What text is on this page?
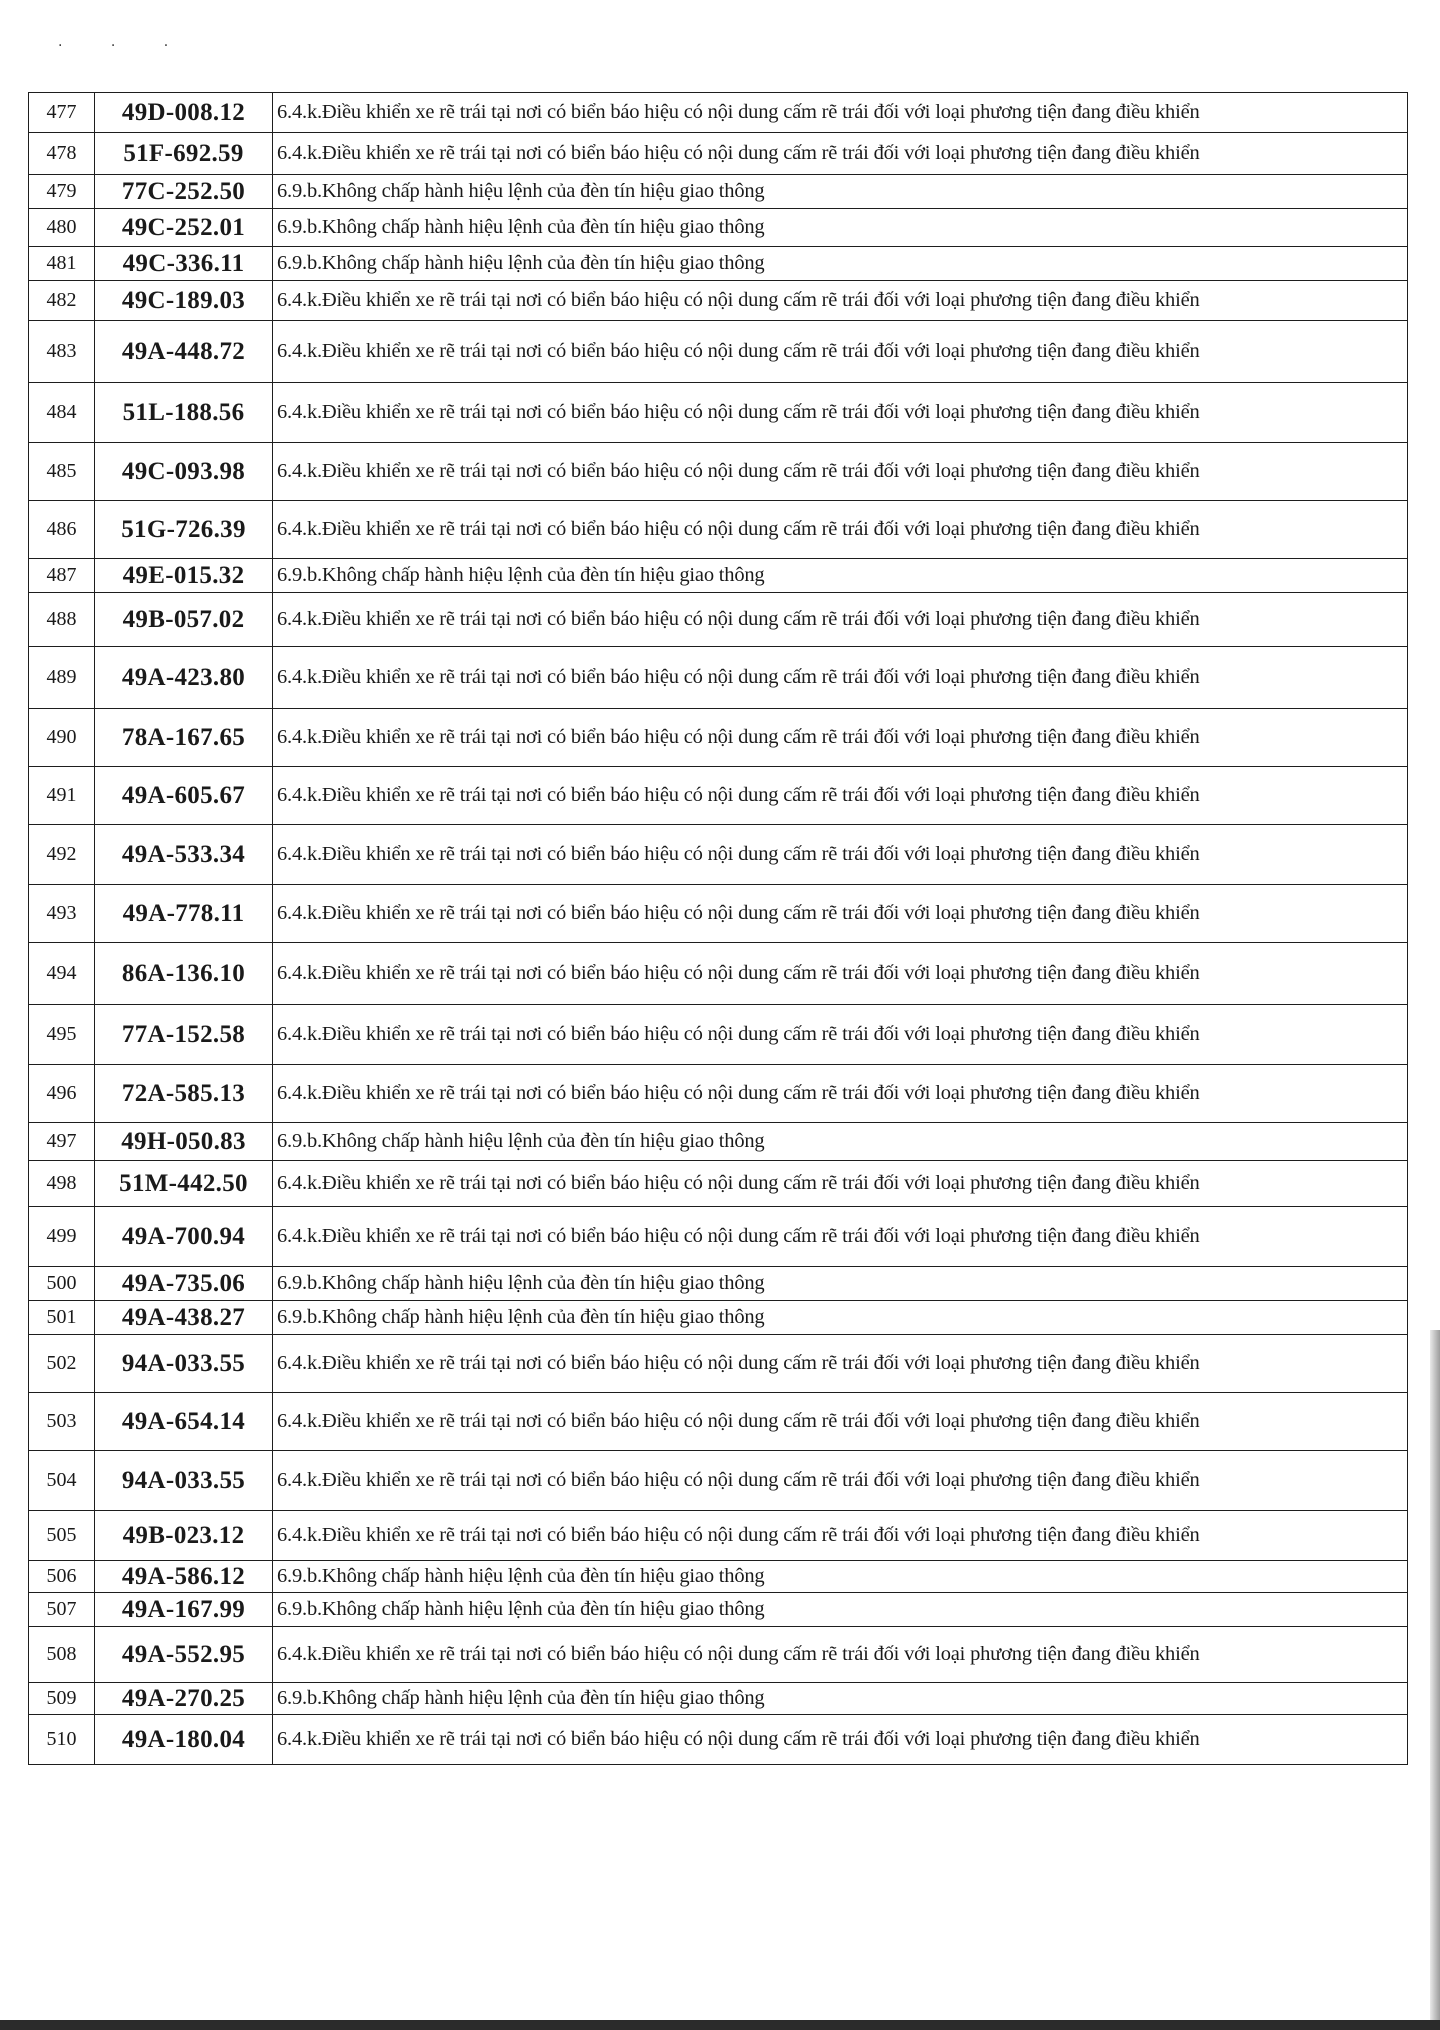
. . .
477	49D-008.12	6.4.k.Điều khiển xe rẽ trái tại nơi có biển báo hiệu có nội dung cấm rẽ trái đối với loại phương tiện đang điều khiển
478	51F-692.59	6.4.k.Điều khiển xe rẽ trái tại nơi có biển báo hiệu có nội dung cấm rẽ trái đối với loại phương tiện đang điều khiển
479	77C-252.50	6.9.b.Không chấp hành hiệu lệnh của đèn tín hiệu giao thông
480	49C-252.01	6.9.b.Không chấp hành hiệu lệnh của đèn tín hiệu giao thông
481	49C-336.11	6.9.b.Không chấp hành hiệu lệnh của đèn tín hiệu giao thông
482	49C-189.03	6.4.k.Điều khiển xe rẽ trái tại nơi có biển báo hiệu có nội dung cấm rẽ trái đối với loại phương tiện đang điều khiển
483	49A-448.72	6.4.k.Điều khiển xe rẽ trái tại nơi có biển báo hiệu có nội dung cấm rẽ trái đối với loại phương tiện đang điều khiển
484	51L-188.56	6.4.k.Điều khiển xe rẽ trái tại nơi có biển báo hiệu có nội dung cấm rẽ trái đối với loại phương tiện đang điều khiển
485	49C-093.98	6.4.k.Điều khiển xe rẽ trái tại nơi có biển báo hiệu có nội dung cấm rẽ trái đối với loại phương tiện đang điều khiển
486	51G-726.39	6.4.k.Điều khiển xe rẽ trái tại nơi có biển báo hiệu có nội dung cấm rẽ trái đối với loại phương tiện đang điều khiển
487	49E-015.32	6.9.b.Không chấp hành hiệu lệnh của đèn tín hiệu giao thông
488	49B-057.02	6.4.k.Điều khiển xe rẽ trái tại nơi có biển báo hiệu có nội dung cấm rẽ trái đối với loại phương tiện đang điều khiển
489	49A-423.80	6.4.k.Điều khiển xe rẽ trái tại nơi có biển báo hiệu có nội dung cấm rẽ trái đối với loại phương tiện đang điều khiển
490	78A-167.65	6.4.k.Điều khiển xe rẽ trái tại nơi có biển báo hiệu có nội dung cấm rẽ trái đối với loại phương tiện đang điều khiển
491	49A-605.67	6.4.k.Điều khiển xe rẽ trái tại nơi có biển báo hiệu có nội dung cấm rẽ trái đối với loại phương tiện đang điều khiển
492	49A-533.34	6.4.k.Điều khiển xe rẽ trái tại nơi có biển báo hiệu có nội dung cấm rẽ trái đối với loại phương tiện đang điều khiển
493	49A-778.11	6.4.k.Điều khiển xe rẽ trái tại nơi có biển báo hiệu có nội dung cấm rẽ trái đối với loại phương tiện đang điều khiển
494	86A-136.10	6.4.k.Điều khiển xe rẽ trái tại nơi có biển báo hiệu có nội dung cấm rẽ trái đối với loại phương tiện đang điều khiển
495	77A-152.58	6.4.k.Điều khiển xe rẽ trái tại nơi có biển báo hiệu có nội dung cấm rẽ trái đối với loại phương tiện đang điều khiển
496	72A-585.13	6.4.k.Điều khiển xe rẽ trái tại nơi có biển báo hiệu có nội dung cấm rẽ trái đối với loại phương tiện đang điều khiển
497	49H-050.83	6.9.b.Không chấp hành hiệu lệnh của đèn tín hiệu giao thông
498	51M-442.50	6.4.k.Điều khiển xe rẽ trái tại nơi có biển báo hiệu có nội dung cấm rẽ trái đối với loại phương tiện đang điều khiển
499	49A-700.94	6.4.k.Điều khiển xe rẽ trái tại nơi có biển báo hiệu có nội dung cấm rẽ trái đối với loại phương tiện đang điều khiển
500	49A-735.06	6.9.b.Không chấp hành hiệu lệnh của đèn tín hiệu giao thông
501	49A-438.27	6.9.b.Không chấp hành hiệu lệnh của đèn tín hiệu giao thông
502	94A-033.55	6.4.k.Điều khiển xe rẽ trái tại nơi có biển báo hiệu có nội dung cấm rẽ trái đối với loại phương tiện đang điều khiển
503	49A-654.14	6.4.k.Điều khiển xe rẽ trái tại nơi có biển báo hiệu có nội dung cấm rẽ trái đối với loại phương tiện đang điều khiển
504	94A-033.55	6.4.k.Điều khiển xe rẽ trái tại nơi có biển báo hiệu có nội dung cấm rẽ trái đối với loại phương tiện đang điều khiển
505	49B-023.12	6.4.k.Điều khiển xe rẽ trái tại nơi có biển báo hiệu có nội dung cấm rẽ trái đối với loại phương tiện đang điều khiển
506	49A-586.12	6.9.b.Không chấp hành hiệu lệnh của đèn tín hiệu giao thông
507	49A-167.99	6.9.b.Không chấp hành hiệu lệnh của đèn tín hiệu giao thông
508	49A-552.95	6.4.k.Điều khiển xe rẽ trái tại nơi có biển báo hiệu có nội dung cấm rẽ trái đối với loại phương tiện đang điều khiển
509	49A-270.25	6.9.b.Không chấp hành hiệu lệnh của đèn tín hiệu giao thông
510	49A-180.04	6.4.k.Điều khiển xe rẽ trái tại nơi có biển báo hiệu có nội dung cấm rẽ trái đối với loại phương tiện đang điều khiển
